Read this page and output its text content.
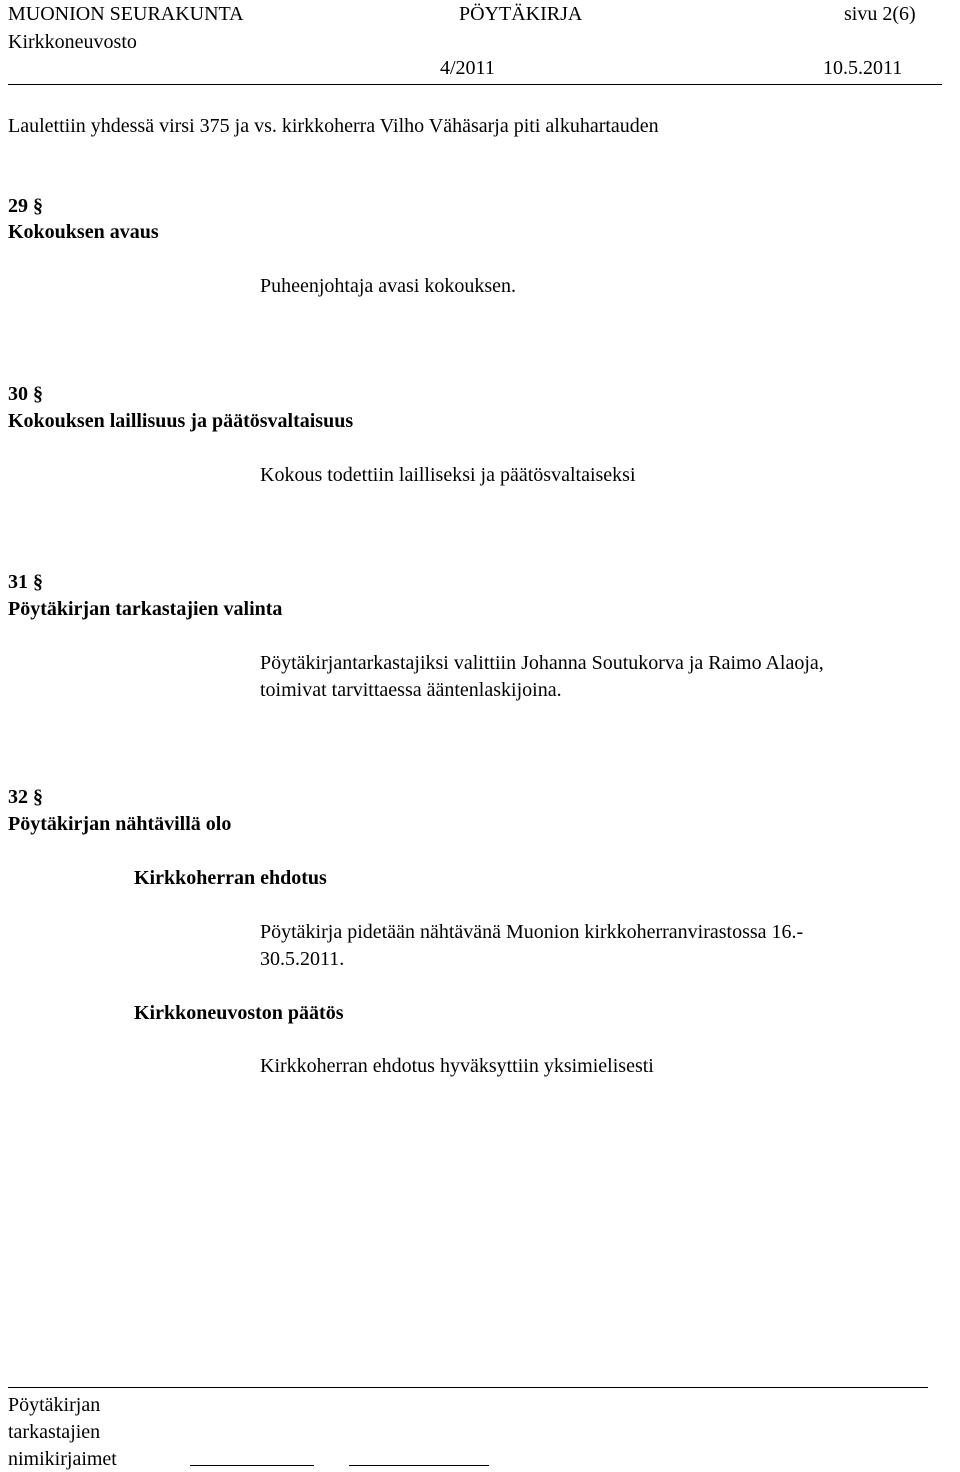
MUONION SEURAKUNTA	PÖYTÄKIRJA	sivu 2(6)
Kirkkoneuvosto
4/2011	10.5.2011
Laulettiin yhdessä virsi 375 ja vs. kirkkoherra Vilho Vähäsarja piti alkuhartauden
29 §
Kokouksen avaus
Puheenjohtaja avasi kokouksen.
30 §
Kokouksen laillisuus ja päätösvaltaisuus
Kokous todettiin lailliseksi ja päätösvaltaiseksi
31 §
Pöytäkirjan tarkastajien valinta
Pöytäkirjantarkastajiksi valittiin Johanna Soutukorva ja Raimo Alaoja,
toimivat tarvittaessa ääntenlaskijoina.
32 §
Pöytäkirjan nähtävillä olo
Kirkkoherran ehdotus
Pöytäkirja pidetään nähtävänä Muonion kirkkoherranvirastossa 16.-
30.5.2011.
Kirkkoneuvoston päätös
Kirkkoherran ehdotus hyväksyttiin yksimielisesti
Pöytäkirjan
tarkastajien
nimikirjaimet
